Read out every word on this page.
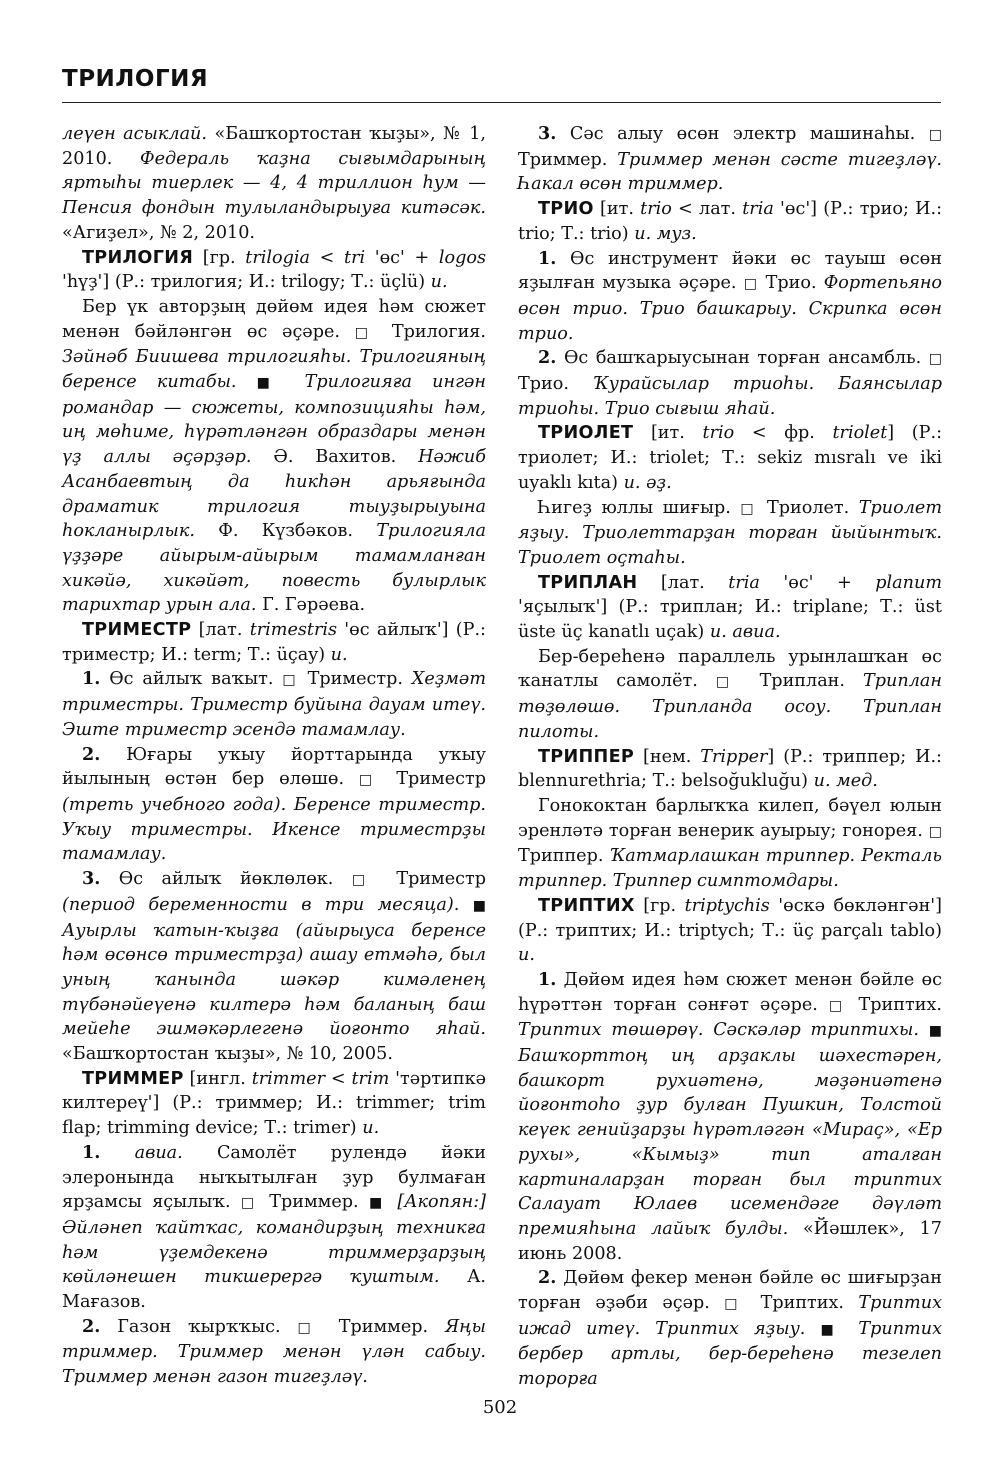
ТРИЛОГИЯ

леүен асыклай. «Башҡортостан ҡыҙы», № 1, 2010. Федераль ҡаҙна сығымдарының яртыһы тиерлек — 4, 4 триллион һум — Пенсия фондын тулыландырыуға китәсәк. «Агиҙел», № 2, 2010.

ТРИЛОГИЯ [гр. trilogia < tri 'өс' + logos 'һүҙ'] (Р.: трилогия; И.: trilogy; Т.: üçlü) и.

Бер үк авторҙың дөйөм идея һәм сюжет менән бәйләнгән өс әҫәре. □ Трилогия. Зәйнәб Биишева трилогияһы. Трилогияның беренсе китабы. ■ Трилогияға ингән романдар — сюжеты, композицияһы һәм, иң мөһиме, һүрәтләнгән образдары менән үҙ аллы әҫәрҙәр. Ә. Вахитов. Нәжиб Асанбаевтың да һикһән арьяғында драматик трилогия тыуҙырыуына һокланырлык. Ф. Күзбәков. Трилогияла үҙҙәре айырым-айырым тамамланған хикәйә, хикәйәт, повесть булырлык тарихтар урын ала. Г. Гәрәева.

ТРИМЕСТР [лат. trimestris 'өс айлыҡ'] (Р.: триместр; И.: term; Т.: üçay) и.

1. Өс айлыҡ ваҡыт. □ Триместр. Хеҙмәт триместры. Триместр буйына дауам итеү. Эште триместр эсендә тамамлау.

2. Юғары уҡыу йорттарында уҡыу йылының өстән бер өлөшө. □ Триместр (треть учебного года). Беренсе триместр. Уҡыу триместры. Икенсе триместрҙы тамамлау.

3. Өс айлыҡ йөклөлөк. □ Триместр (период беременности в три месяца). ■ Ауырлы ҡатын-ҡыҙға (айырыуса беренсе һәм өсөнсө триместрҙа) ашау етмәһә, был уның ҡанында шәкәр кимәленең түбәнәйеүенә килтерә һәм баланың баш мейеһе эшмәкәрлегенә йоғонто яһай. «Башҡортостан ҡыҙы», № 10, 2005.

ТРИММЕР [ингл. trimmer < trim 'тәртипкә килтереү'] (Р.: триммер; И.: trimmer; trim flap; trimming device; Т.: trimer) и.

1. авиа. Самолёт рулендә йәки элеронында ныҡытылған ҙур булмаған ярҙамсы яҫылыҡ. □ Триммер. ■ [Акопян:] Әйләнеп ҡайтҡас, командирҙың техникға һәм үҙемдекенә триммерҙарҙың көйләнешен тикшерергә ҡуштым. А. Мағазов.

2. Газон ҡырҡҡыс. □ Триммер. Яңы триммер. Триммер менән үлән сабыу. Триммер менән газон тигеҙләү.

3. Сәс алыу өсөн электр машинаһы. □ Триммер. Триммер менән сәсте тигеҙләү. Һакал өсөн триммер.

ТРИО [ит. trio < лат. tria 'өс'] (Р.: трио; И.: trio; Т.: trio) и. муз.

1. Өс инструмент йәки өс тауыш өсөн яҙылған музыка әҫәре. □ Трио. Фортепьяно өсөн трио. Трио башкарыу. Скрипка өсөн трио.

2. Өс башҡарыусынан торған ансамбль. □ Трио. Ҡурайсылар триоһы. Баянсылар триоһы. Трио сығыш яһай.

ТРИОЛЕТ [ит. trio < фр. triolet] (Р.: триолет; И.: triolet; Т.: sekiz mısralı ve iki uyaklı kıta) и. әҙ.

Һигеҙ юллы шиғыр. □ Триолет. Триолет яҙыу. Триолеттарҙан торған йыйынтыҡ. Триолет оҫтаһы.

ТРИПЛАН [лат. tria 'өс' + planum 'яҫылыҡ'] (Р.: триплан; И.: triplane; Т.: üst üste üç kanatlı uçak) и. авиа.

Бер-береһенә параллель урынлашҡан өс ҡанатлы самолёт. □ Триплан. Триплан төҙөлөшө. Трипланда осоу. Триплан пилоты.

ТРИППЕР [нем. Tripper] (Р.: триппер; И.: blennurethria; Т.: belsoğukluğu) и. мед.

Гонококтан барлыҡҡа килеп, бәүел юлын эренләтә торған венерик ауырыу; гонорея. □ Триппер. Ҡатмарлашкан триппер. Ректаль триппер. Триппер симптомдары.

ТРИПТИХ [гр. triptychis 'өскә бөкләнгән'] (Р.: триптих; И.: triptych; Т.: üç parçalı tablo) и.

1. Дөйөм идея һәм сюжет менән бәйле өс һүрәттән торған сәнғәт әҫәре. □ Триптих. Триптих төшөрөү. Сәскәләр триптихы. ■ Башҡорттоң иң арҙаклы шәхестәрен, башкорт рухиәтенә, мәҙәниәтенә йоғонтоһо ҙур булған Пушкин, Толстой кеүек генийҙарҙы һүрәтләгән «Мираҫ», «Ер рухы», «Кымыҙ» тип аталған картиналарҙан торған был триптих Салауат Юлаев исемендәге дәүләт премияһына лайыҡ булды. «Йәшлек», 17 июнь 2008.

2. Дөйөм фекер менән бәйле өс шиғырҙан торған әҙәби әҫәр. □ Триптих. Триптих ижад итеү. Триптих яҙыу. ■ Триптих бербер артлы, бер-береһенә тезелеп торорға

502
